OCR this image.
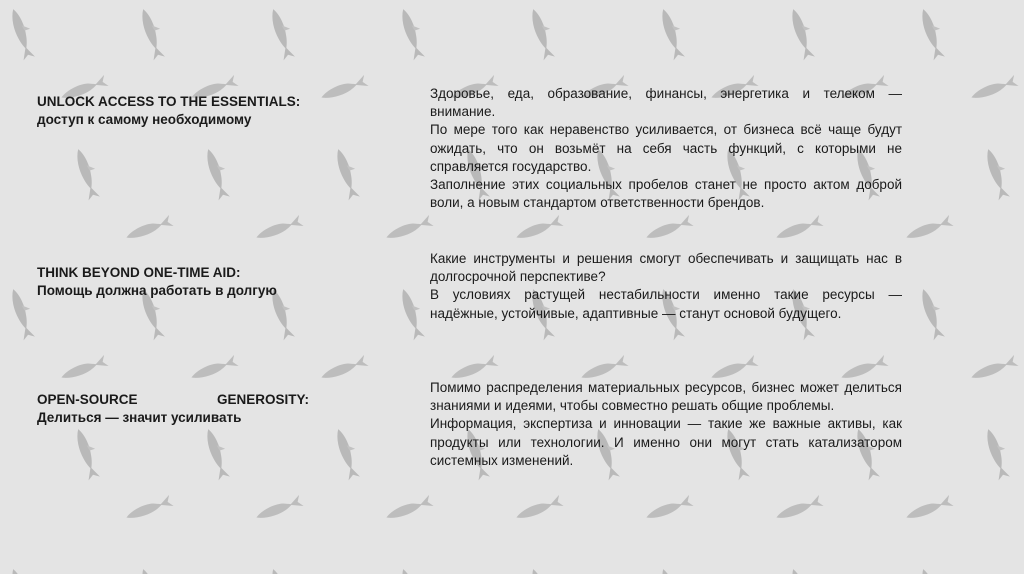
UNLOCK ACCESS TO THE ESSENTIALS:
доступ к самому необходимому

Здоровье, еда, образование, финансы, энергетика и телеком — внимание.

По мере того как неравенство усиливается, от бизнеса всё чаще будут ожидать, что он возьмёт на себя часть функций, с которыми не справляется государство.

Заполнение этих социальных пробелов станет не просто актом доброй воли, а новым стандартом ответственности брендов.

THINK BEYOND ONE-TIME AID:
Помощь должна работать в долгую

Какие инструменты и решения смогут обеспечивать и защищать нас в долгосрочной перспективе?

В условиях растущей нестабильности именно такие ресурсы — надёжные, устойчивые, адаптивные — станут основой будущего.

OPEN-SOURCE GENEROSITY:
Делиться — значит усиливать

Помимо распределения материальных ресурсов, бизнес может делиться знаниями и идеями, чтобы совместно решать общие проблемы.

Информация, экспертиза и инновации — такие же важные активы, как продукты или технологии. И именно они могут стать катализатором системных изменений.
